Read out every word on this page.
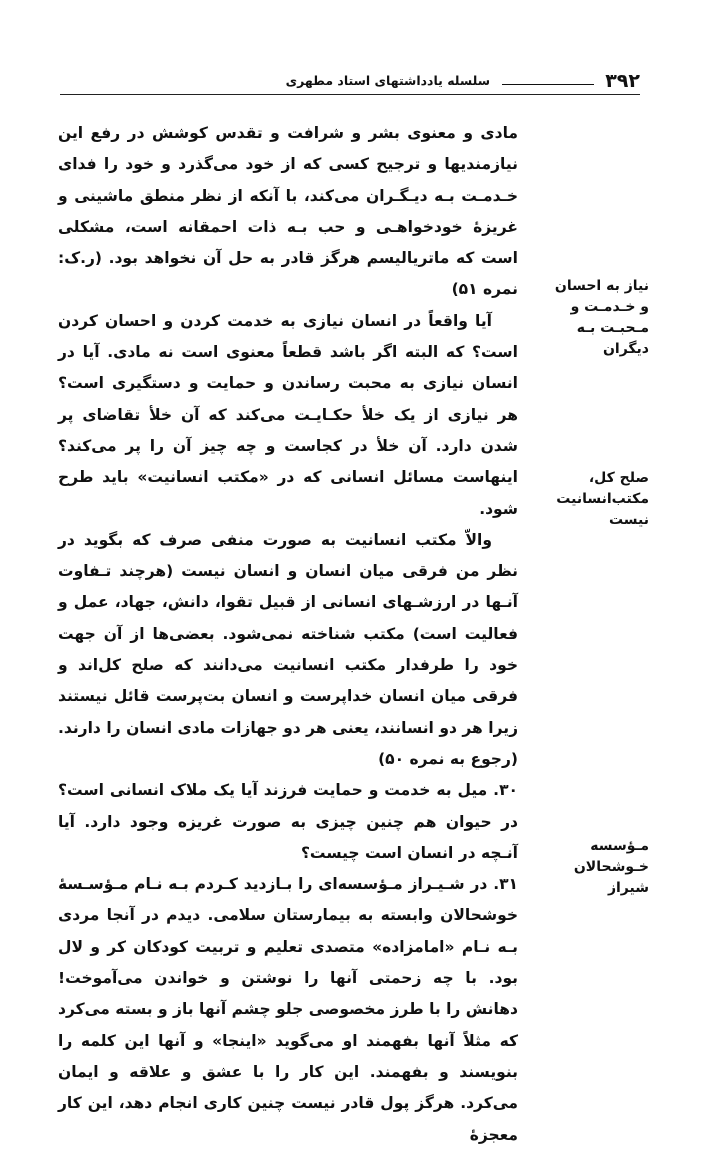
۳۹۲
سلسله یادداشتهای استاد مطهری
نیاز به احسان و خـدمـت و مـحبـت بـه دیگران
صلح کل، مکتب‌انسانیت نیست
مـؤسسه خـوشحالان شیراز

مادی و معنوی بشر و شرافت و تقدس کوشش در رفع این نیازمندیها و ترجیح کسی که از خود می‌گذرد و خود را فدای خـدمـت بـه دیـگـران می‌کند، با آنکه از نظر منطق ماشینی و غریزهٔ خودخواهـی و حب بـه ذات احمقانه است، مشکلی است که ماتریالیسم هرگز قادر به حل آن نخواهد بود. (ر.ک: نمره ۵۱)

آیا واقعاً در انسان نیازی به خدمت کردن و احسان کردن است؟ که البته اگر باشد قطعاً معنوی است نه مادی. آیا در انسان نیازی به محبت رساندن و حمایت و دستگیری است؟ هر نیازی از یک خلأ حکـایـت می‌کند که آن خلأ تقاضای پر شدن دارد. آن خلأ در کجاست و چه چیز آن را پر می‌کند؟ اینهاست مسائل انسانی که در «مکتب انسانیت» باید طرح شود.

والاّ مکتب انسانیت به صورت منفی صرف که بگوید در نظر من فرقی میان انسان و انسان نیست (هرچند تـفاوت آنـها در ارزشـهای انسانی از قبیل تقوا، دانش، جهاد، عمل و فعالیت است) مکتب شناخته نمی‌شود. بعضی‌ها از آن جهت خود را طرفدار مکتب انسانیت می‌دانند که صلح کل‌اند و فرقی میان انسان خداپرست و انسان بت‌پرست قائل نیستند زیرا هر دو انسانند، یعنی هر دو جهازات مادی انسان را دارند. (رجوع به نمره ۵۰)

۳۰. میل به خدمت و حمایت فرزند آیا یک ملاک انسانی است؟ در حیوان هم چنین چیزی به صورت غریزه وجود دارد. آیا آنـچه در انسان است چیست؟

۳۱. در شـیـراز مـؤسسه‌ای را بـازدید کـردم بـه نـام مـؤسـسهٔ خوشحالان وابسته به بیمارستان سلامی. دیدم در آنجا مردی بـه نـام «امامزاده» متصدی تعلیم و تربیت کودکان کر و لال بود. با چه زحمتی آنها را نوشتن و خواندن می‌آموخت! دهانش را با طرز مخصوصی جلو چشم آنها باز و بسته می‌کرد که مثلاً آنها بفهمند او می‌گوید «اینجا» و آنها این کلمه را بنویسند و بفهمند. این کار را با عشق و علاقه و ایمان می‌کرد. هرگز پول قادر نیست چنین کاری انجام دهد، این کار معجزهٔ
